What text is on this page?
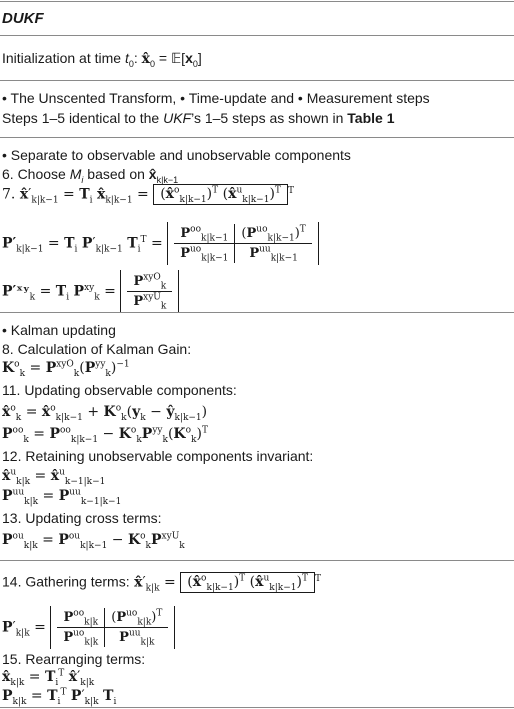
DUKF
Initialization at time $t_0$: $x̂_0$ = $𝔼[x_0]$
• The Unscented Transform, • Time-update and • Measurement steps
Steps 1–5 identical to the UKF’s 1–5 steps as shown in Table 1
• Separate to observable and unobservable components
6. Choose $M_i$ based on $x̂_{k|k-1}$
7. $x̂'_{k|k-1} = T_i$ $x̂_{k|k-1}$ = (x̂$^o_{k|k-1}$)$^T$ (x̂$^u_{k|k-1}$)$^T$ $^T$
$P'_{k|k-1} = T_i$ $P'_{k|k-1}$ $T_i^T$ =
$P^{oo}_{k|k-1}$	$(P^{uo}_{k|k-1})^T$
$P^{uo}_{k|k-1}$	$P^{uu}_{k|k-1}$
P′ˣʸ$_k$ = $T_i$ $P^{xy}_k$ =
$P^{xyO}_k$
$P^{xyU}_k$
• Kalman updating
8. Calculation of Kalman Gain:
$K^o_k = P^{xyO}_k(P^{yy}_k)^{-1}$
11. Updating observable components:
x̂$^o_k$ = x̂$^o_{k|k-1}$ + $K^o_k(y_k$ − $ŷ_{k|k-1}$)
$P^{oo}_k = P^{oo}_{k|k-1} - K^o_kP^{yy}_k(K^o_k)^T$
12. Retaining unobservable components invariant:
x̂$^u_{k|k}$ = x̂$^u_{k-1|k-1}$
$P^{uu}_{k|k} = P^{uu}_{k-1|k-1}$
13. Updating cross terms:
$P^{ou}_{k|k} = P^{ou}_{k|k-1} - K^o_kP^{xyU}_k$
14. Gathering terms: $x̂'_{k|k}$ = (x̂$^o_{k|k-1}$)$^T$ (x̂$^u_{k|k-1}$)$^T$ $^T$
$P'_{k|k}$ =
$P^{oo}_{k|k}$	$(P^{uo}_{k|k})^T$
$P^{uo}_{k|k}$	$P^{uu}_{k|k}$
15. Rearranging terms:
$x̂_{k|k} = T_i^T$ $x̂'_{k|k}$
$P_{k|k} = T_i^T$ $P'_{k|k}$ $T_i$
